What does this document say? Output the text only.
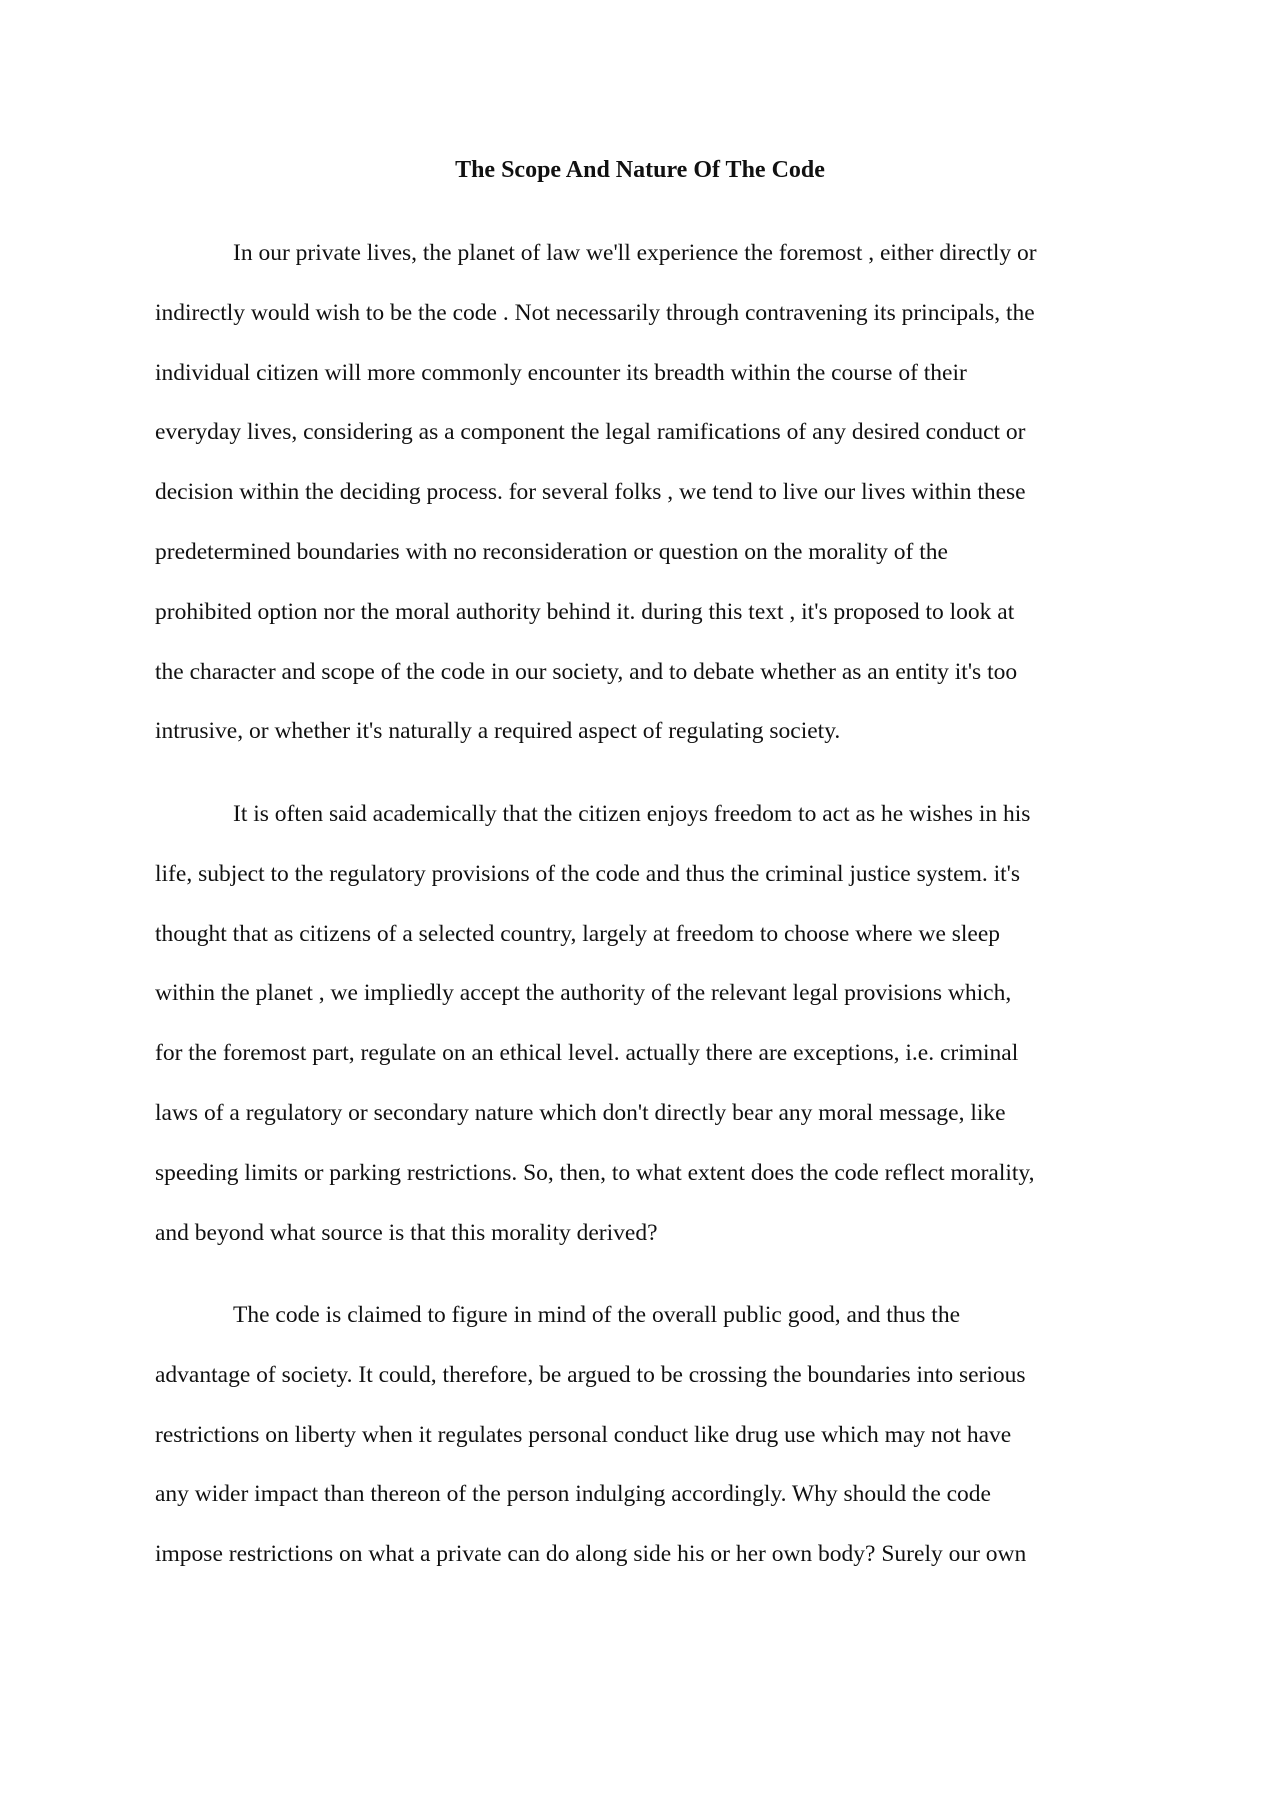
The Scope And Nature Of The Code

In our private lives, the planet of law we'll experience the foremost , either directly or

indirectly would wish to be the code . Not necessarily through contravening its principals, the

individual citizen will more commonly encounter its breadth within the course of their

everyday lives, considering as a component the legal ramifications of any desired conduct or

decision within the deciding process. for several folks , we tend to live our lives within these

predetermined boundaries with no reconsideration or question on the morality of the

prohibited option nor the moral authority behind it. during this text , it's proposed to look at

the character and scope of the code in our society, and to debate whether as an entity it's too

intrusive, or whether it's naturally a required aspect of regulating society.

It is often said academically that the citizen enjoys freedom to act as he wishes in his

life, subject to the regulatory provisions of the code and thus the criminal justice system. it's

thought that as citizens of a selected country, largely at freedom to choose where we sleep

within the planet , we impliedly accept the authority of the relevant legal provisions which,

for the foremost part, regulate on an ethical level. actually there are exceptions, i.e. criminal

laws of a regulatory or secondary nature which don't directly bear any moral message, like

speeding limits or parking restrictions. So, then, to what extent does the code reflect morality,

and beyond what source is that this morality derived?

The code is claimed to figure in mind of the overall public good, and thus the

advantage of society. It could, therefore, be argued to be crossing the boundaries into serious

restrictions on liberty when it regulates personal conduct like drug use which may not have

any wider impact than thereon of the person indulging accordingly. Why should the code

impose restrictions on what a private can do along side his or her own body? Surely our own
